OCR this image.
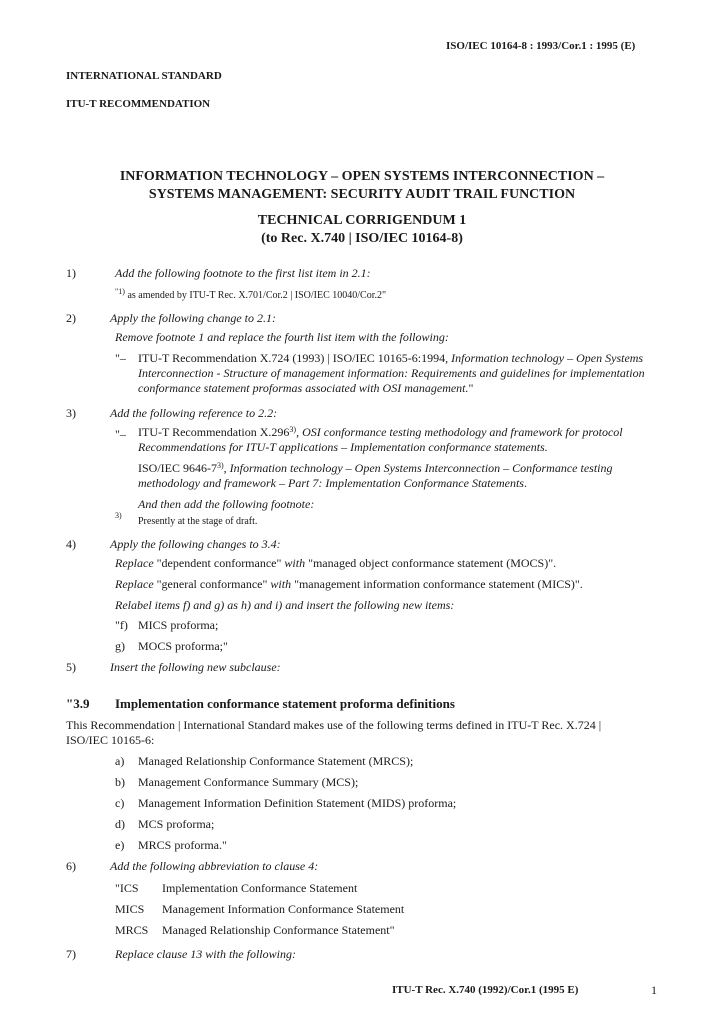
ISO/IEC 10164-8 : 1993/Cor.1 : 1995 (E)
INTERNATIONAL STANDARD
ITU-T RECOMMENDATION
INFORMATION TECHNOLOGY – OPEN SYSTEMS INTERCONNECTION –
SYSTEMS MANAGEMENT: SECURITY AUDIT TRAIL FUNCTION
TECHNICAL CORRIGENDUM 1
(to Rec. X.740 | ISO/IEC 10164-8)
1)	Add the following footnote to the first list item in 2.1:
$^{"1)}$ as amended by ITU-T Rec. X.701/Cor.2 | ISO/IEC 10040/Cor.2"
2)	Apply the following change to 2.1:
Remove footnote 1 and replace the fourth list item with the following:
"– ITU-T Recommendation X.724 (1993) | ISO/IEC 10165-6:1994, Information technology – Open Systems
Interconnection - Structure of management information: Requirements and guidelines for implementation
conformance statement proformas associated with OSI management."
3)	Add the following reference to 2.2:
"– ITU-T Recommendation X.296$^{3)}$, OSI conformance testing methodology and framework for protocol
Recommendations for ITU-T applications – Implementation conformance statements.
ISO/IEC 9646-7$^{3)}$, Information technology – Open Systems Interconnection – Conformance testing
methodology and framework – Part 7: Implementation Conformance Statements.
And then add the following footnote:
$^{3)}$
Presently at the stage of draft.
4)	Apply the following changes to 3.4:
Replace "dependent conformance" with "managed object conformance statement (MOCS)".
Replace "general conformance" with "management information conformance statement (MICS)".
Relabel items f) and g) as h) and i) and insert the following new items:
"f) MICS proforma;
g) MOCS proforma;"
5)	Insert the following new subclause:
"3.9 Implementation conformance statement proforma definitions
This Recommendation | International Standard makes use of the following terms defined in ITU-T Rec. X.724 |
ISO/IEC 10165-6:
a) Managed Relationship Conformance Statement (MRCS);
b) Management Conformance Summary (MCS);
c) Management Information Definition Statement (MIDS) proforma;
d) MCS proforma;
e) MRCS proforma."
6)	Add the following abbreviation to clause 4:
"ICS Implementation Conformance Statement
MICS Management Information Conformance Statement
MRCS Managed Relationship Conformance Statement"
7)	Replace clause 13 with the following:
ITU-T Rec. X.740 (1992)/Cor.1 (1995 E)	1
